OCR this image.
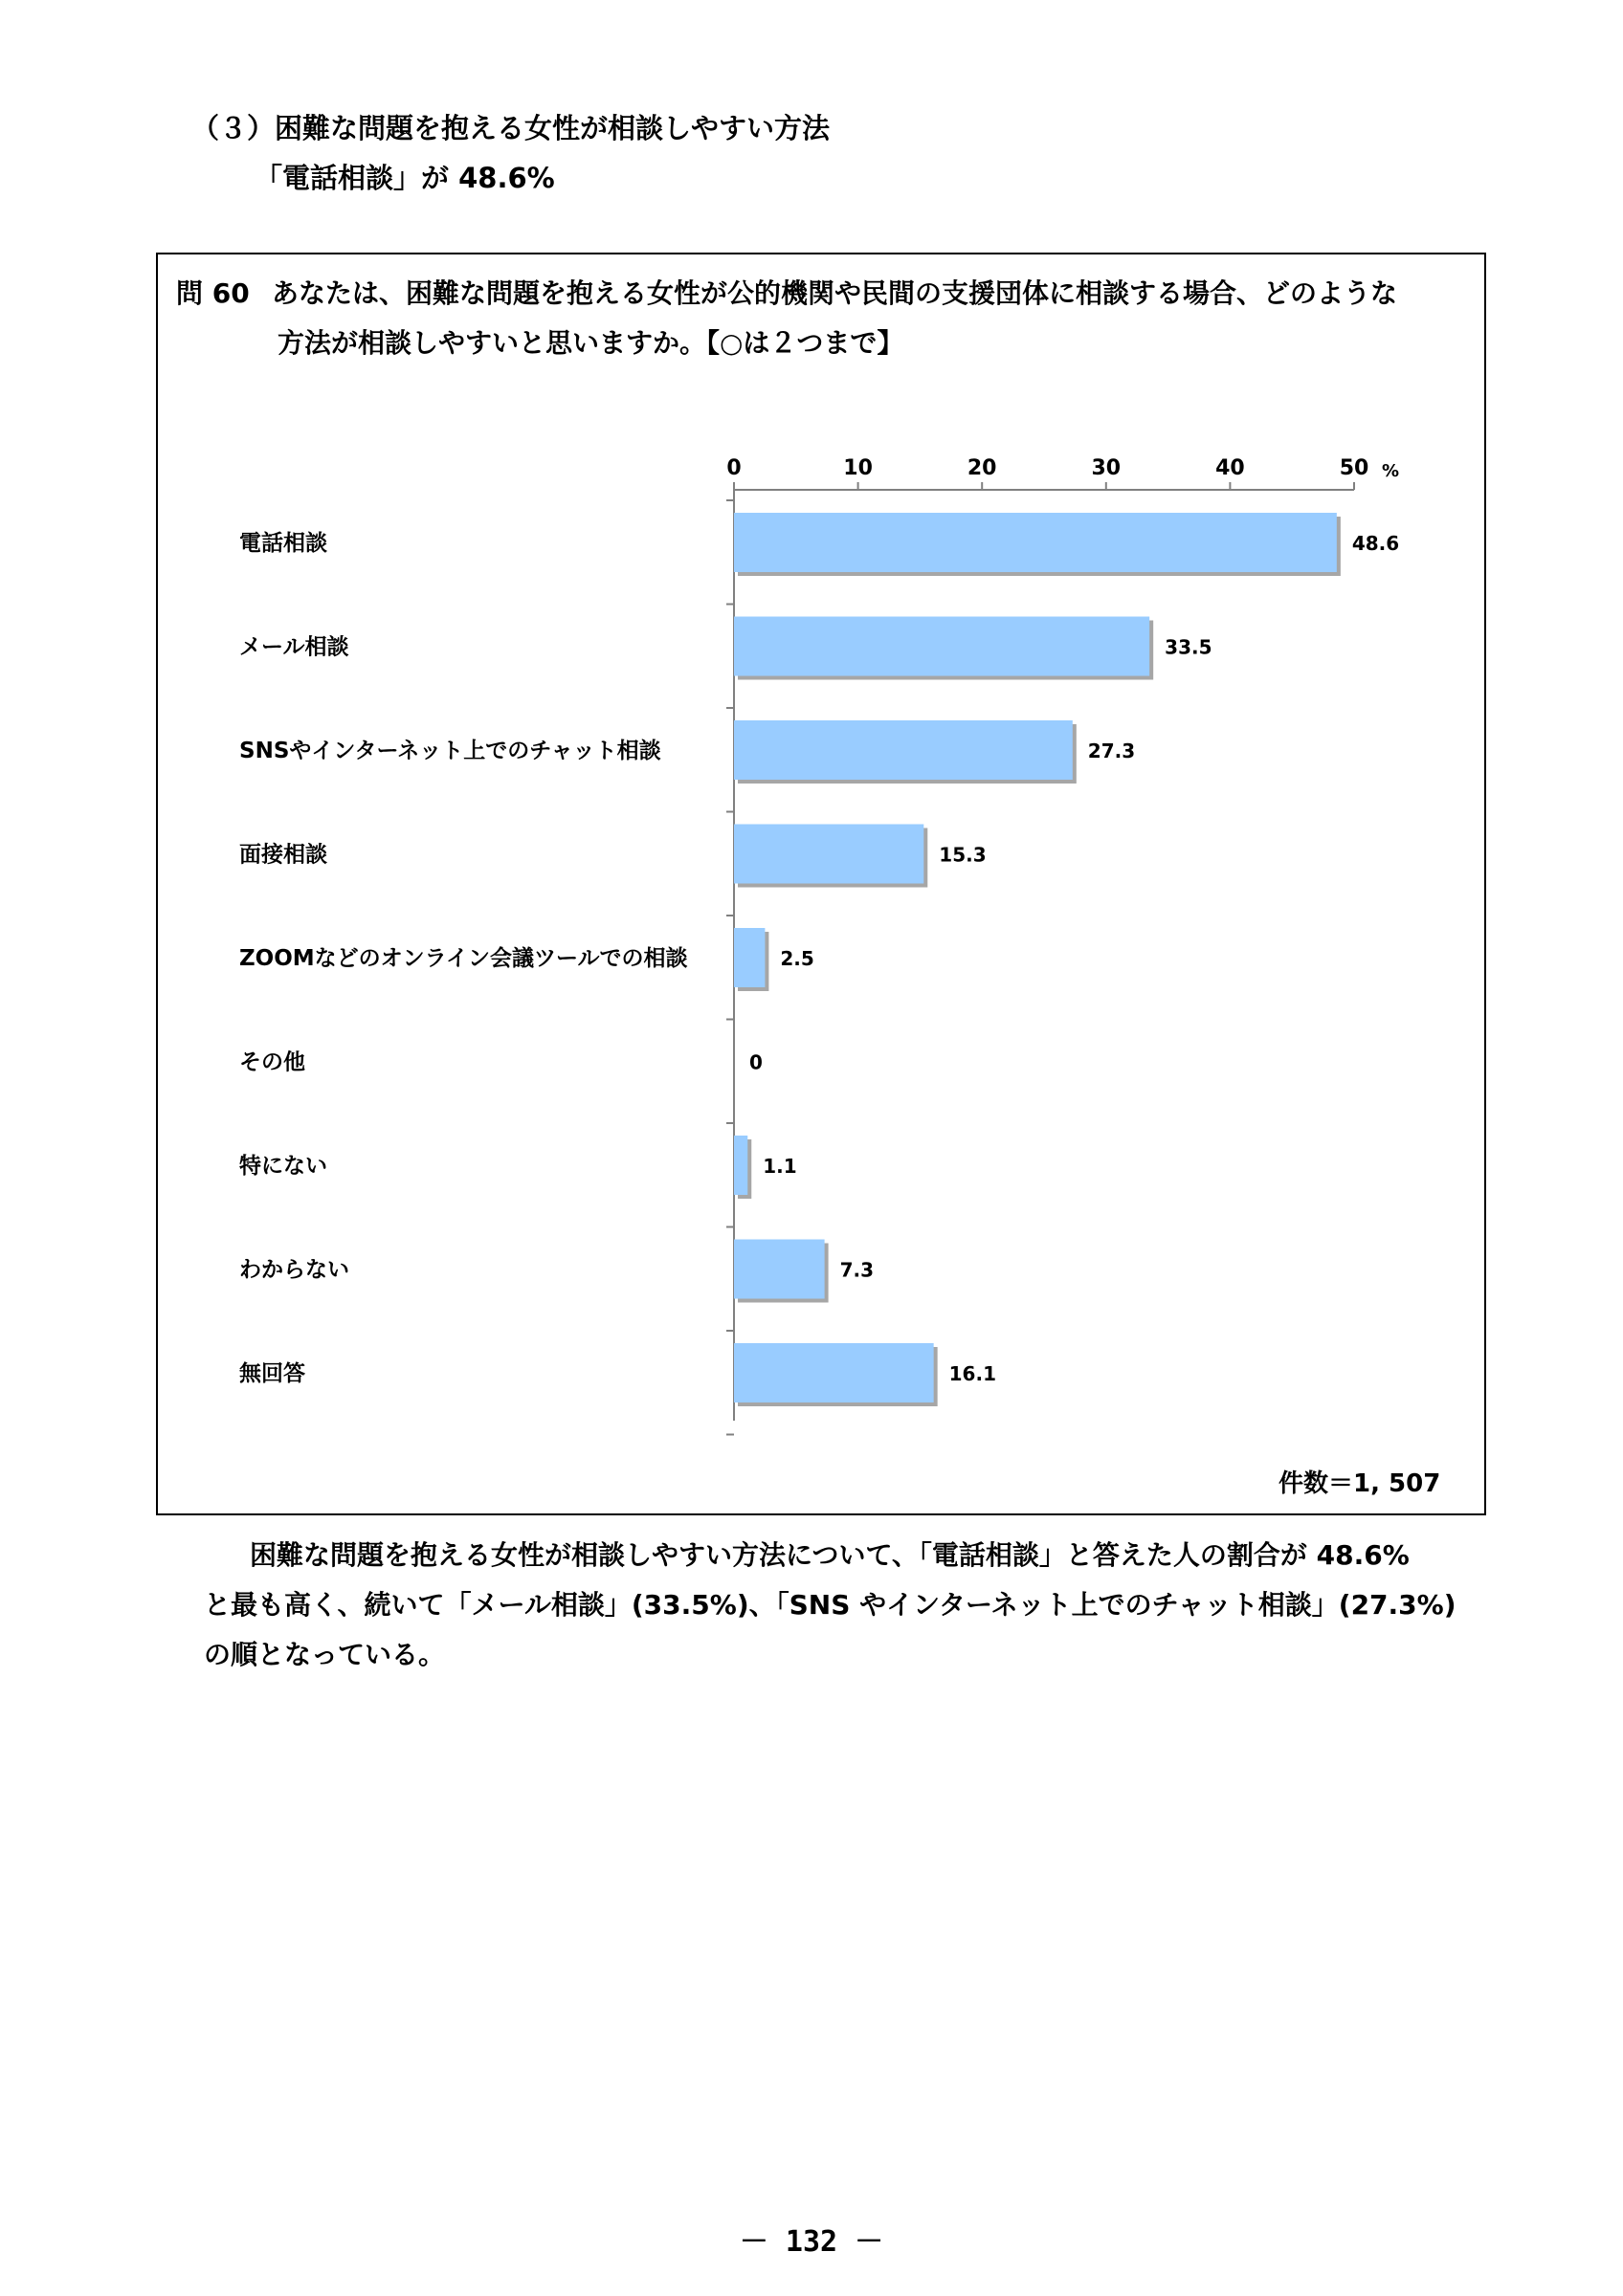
（３）困難な問題を抱える女性が相談しやすい方法
「電話相談」が 48.6%
問 60 あなたは、困難な問題を抱える女性が公的機関や民間の支援団体に相談する場合、どのような
方法が相談しやすいと思いますか。【○は２つまで】
0	10	20	30	40	50 %
電話相談	48.6
メール相談	33.5
SNSやインターネット上でのチャット相談	27.3
面接相談	15.3
ZOOMなどのオンライン会議ツールでの相談	2.5
その他	0
特にない	1.1
わからない	7.3
無回答	16.1
件数＝1, 507

困難な問題を抱える女性が相談しやすい方法について、「電話相談」と答えた人の割合が 48.6%

と最も高く、続いて「メール相談」(33.5%)、「SNS やインターネット上でのチャット相談」(27.3%)

の順となっている。

－ 132 －
